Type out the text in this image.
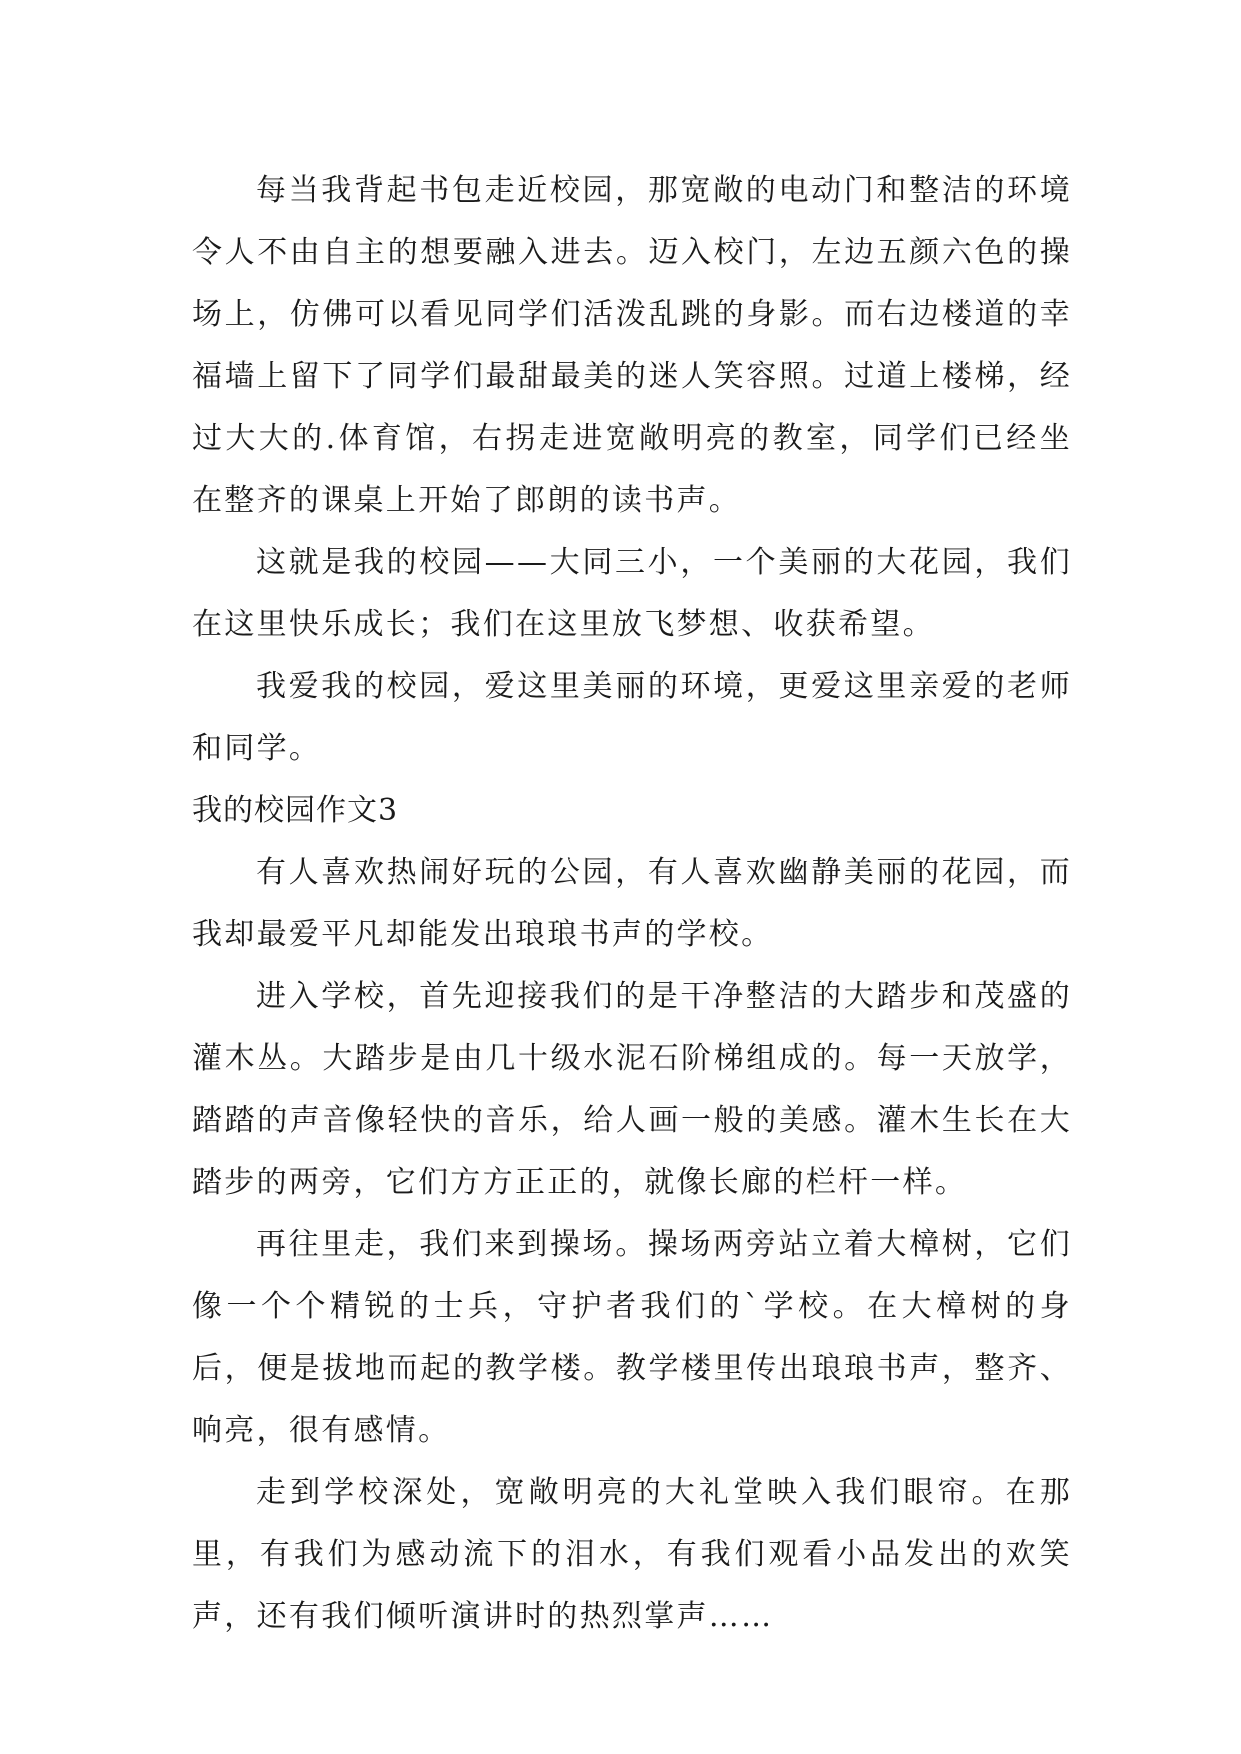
每当我背起书包走近校园，那宽敞的电动门和整洁的环境令人不由自主的想要融入进去。迈入校门，左边五颜六色的操场上，仿佛可以看见同学们活泼乱跳的身影。而右边楼道的幸福墙上留下了同学们最甜最美的迷人笑容照。过道上楼梯，经过大大的.体育馆，右拐走进宽敞明亮的教室，同学们已经坐在整齐的课桌上开始了郎朗的读书声。

这就是我的校园——大同三小，一个美丽的大花园，我们在这里快乐成长；我们在这里放飞梦想、收获希望。

我爱我的校园，爱这里美丽的环境，更爱这里亲爱的老师和同学。

我的校园作文3

有人喜欢热闹好玩的公园，有人喜欢幽静美丽的花园，而我却最爱平凡却能发出琅琅书声的学校。

进入学校，首先迎接我们的是干净整洁的大踏步和茂盛的灌木丛。大踏步是由几十级水泥石阶梯组成的。每一天放学，踏踏的声音像轻快的音乐，给人画一般的美感。灌木生长在大踏步的两旁，它们方方正正的，就像长廊的栏杆一样。

再往里走，我们来到操场。操场两旁站立着大樟树，它们像一个个精锐的士兵，守护者我们的`学校。在大樟树的身后，便是拔地而起的教学楼。教学楼里传出琅琅书声，整齐、响亮，很有感情。

走到学校深处，宽敞明亮的大礼堂映入我们眼帘。在那里，有我们为感动流下的泪水，有我们观看小品发出的欢笑声，还有我们倾听演讲时的热烈掌声……
